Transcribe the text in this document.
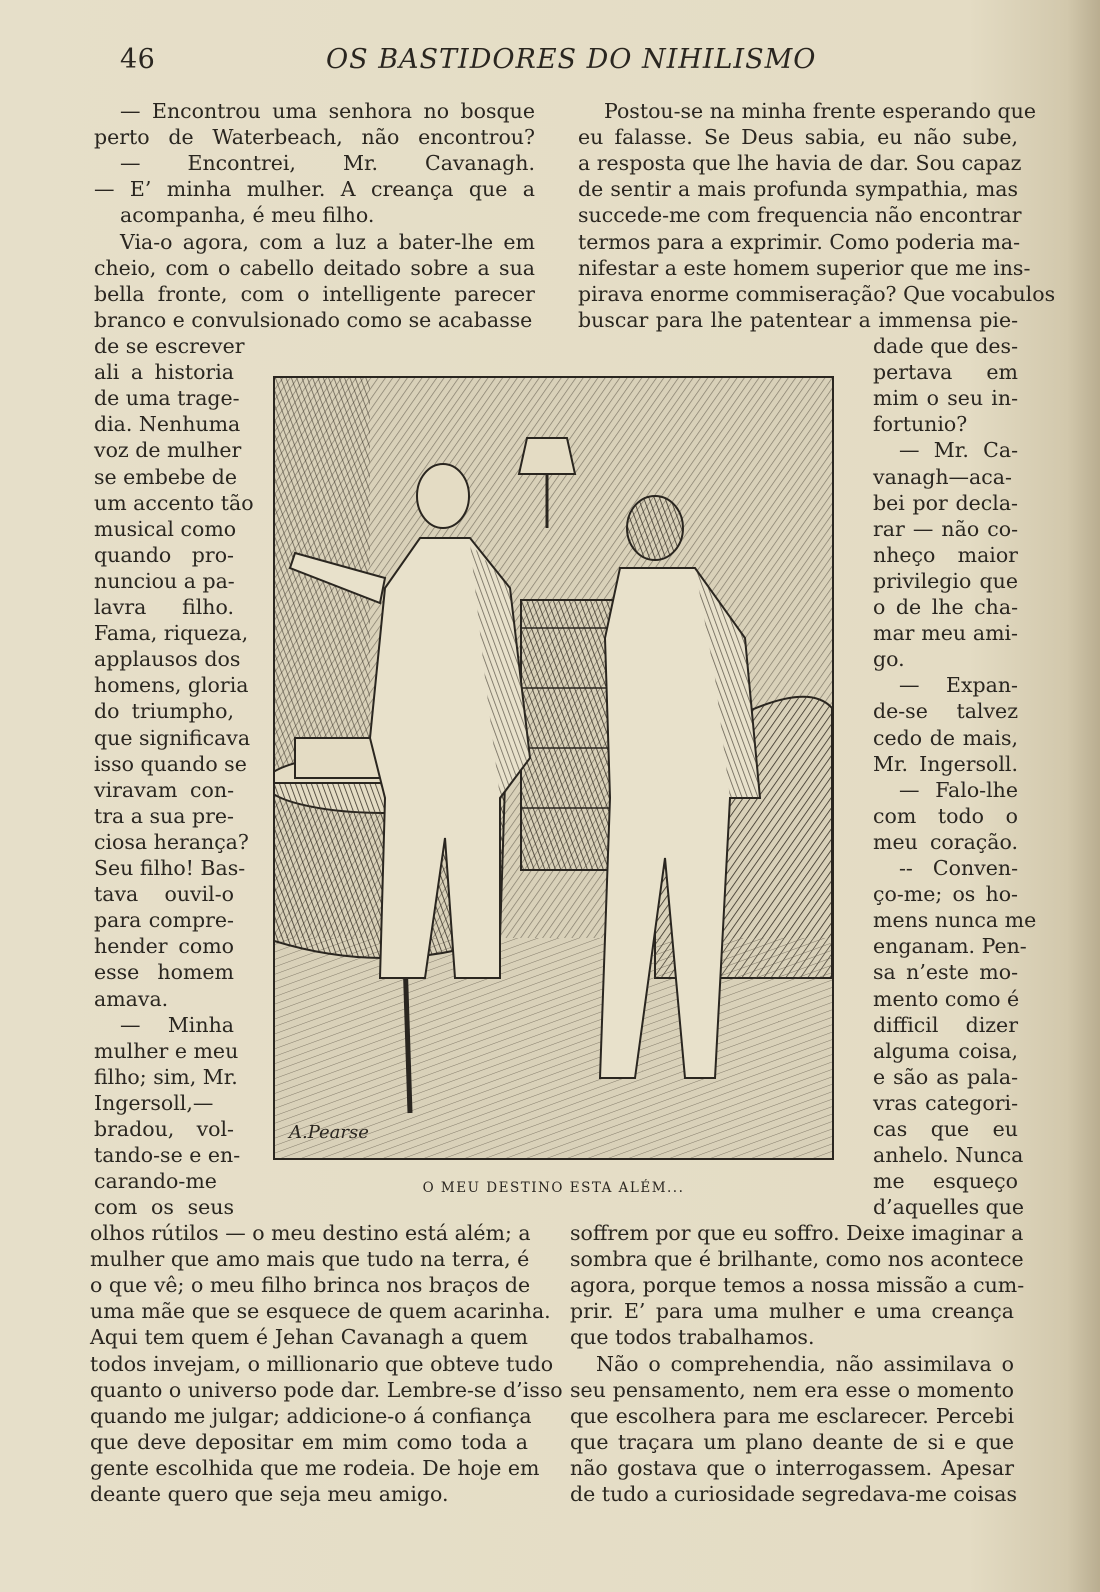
46	OS BASTIDORES DO NIHILISMO
— Encontrou uma senhora no bosque
perto de Waterbeach, não encontrou?
— Encontrei, Mr. Cavanagh.
— E’ minha mulher. A creança que a
acompanha, é meu filho.
Via-o agora, com a luz a bater-lhe em
cheio, com o cabello deitado sobre a sua
bella fronte, com o intelligente parecer
branco e convulsionado como se acabasse
de se escrever
ali a historia
de uma trage-
dia. Nenhuma
voz de mulher
se embebe de
um accento tão
musical como
quando pro-
nunciou a pa-
lavra filho.
Fama, riqueza,
applausos dos
homens, gloria
do triumpho,
que significava
isso quando se
viravam con-
tra a sua pre-
ciosa herança?
Seu filho! Bas-
tava ouvil-o
para compre-
hender como
esse homem
amava.
— Minha
mulher e meu
filho; sim, Mr.
Ingersoll,—
bradou, vol-
tando-se e en-
carando-me
com os seus
olhos rútilos — o meu destino está além; a
mulher que amo mais que tudo na terra, é
o que vê; o meu filho brinca nos braços de
uma mãe que se esquece de quem acarinha.
Aqui tem quem é Jehan Cavanagh a quem
todos invejam, o millionario que obteve tudo
quanto o universo pode dar. Lembre-se d’isso
quando me julgar; addicione-o á confiança
que deve depositar em mim como toda a
gente escolhida que me rodeia. De hoje em
deante quero que seja meu amigo.
Postou-se na minha frente esperando que
eu falasse. Se Deus sabia, eu não sube,
a resposta que lhe havia de dar. Sou capaz
de sentir a mais profunda sympathia, mas
succede-me com frequencia não encontrar
termos para a exprimir. Como poderia ma-
nifestar a este homem superior que me ins-
pirava enorme commiseração? Que vocabulos
buscar para lhe patentear a immensa pie-
dade que des-
pertava em
mim o seu in-
fortunio?
— Mr. Ca-
vanagh—aca-
bei por decla-
rar — não co-
nheço maior
privilegio que
o de lhe cha-
mar meu ami-
go.
— Expan-
de-se talvez
cedo de mais,
Mr. Ingersoll.
— Falo-lhe
com todo o
meu coração.
-- Conven-
ço-me; os ho-
mens nunca me
enganam. Pen-
sa n’este mo-
mento como é
difficil dizer
alguma coisa,
e são as pala-
vras categori-
cas que eu
anhelo. Nunca
me esqueço
d’aquelles que
soffrem por que eu soffro. Deixe imaginar a
sombra que é brilhante, como nos acontece
agora, porque temos a nossa missão a cum-
prir. E’ para uma mulher e uma creança
que todos trabalhamos.
Não o comprehendia, não assimilava o
seu pensamento, nem era esse o momento
que escolhera para me esclarecer. Percebi
que traçara um plano deante de si e que
não gostava que o interrogassem. Apesar
de tudo a curiosidade segredava-me coisas
A.Pearse
O MEU DESTINO ESTA ALÉM...
